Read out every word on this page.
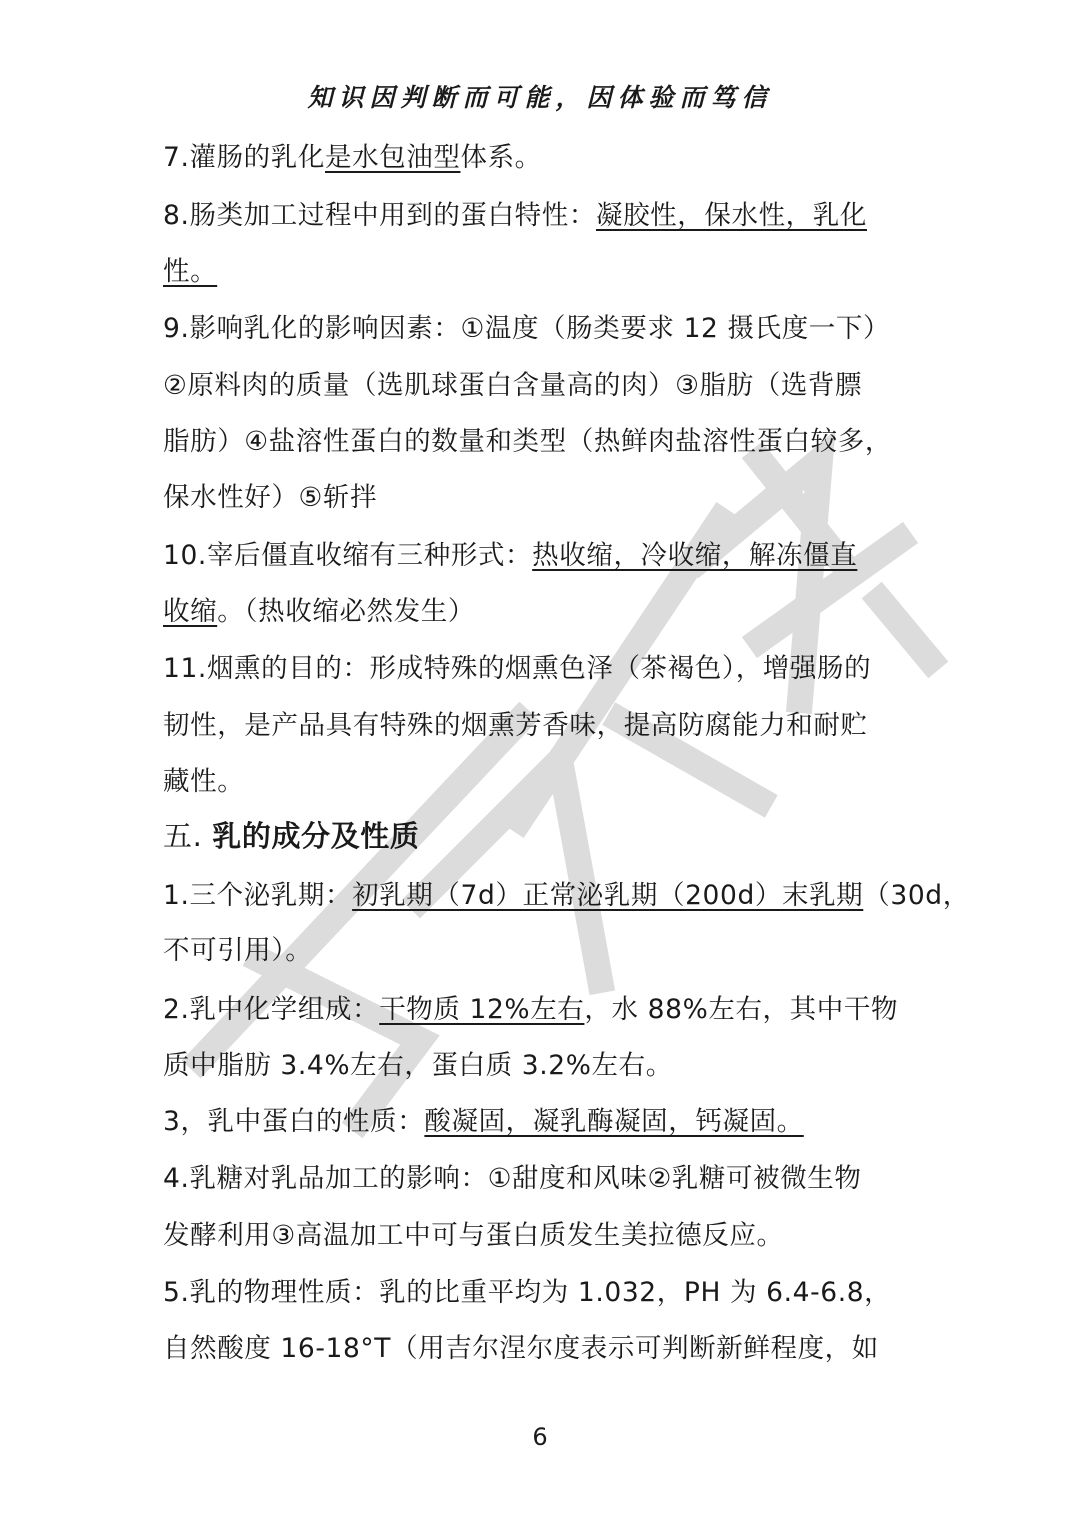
知识因判断而可能，因体验而笃信
7.灌肠的乳化是水包油型体系。
8.肠类加工过程中用到的蛋白特性：凝胶性，保水性，乳化
性。
9.影响乳化的影响因素：①温度（肠类要求 12 摄氏度一下）
②原料肉的质量（选肌球蛋白含量高的肉）③脂肪（选背膘
脂肪）④盐溶性蛋白的数量和类型（热鲜肉盐溶性蛋白较多，
保水性好）⑤斩拌
10.宰后僵直收缩有三种形式：热收缩，冷收缩，解冻僵直
收缩。（热收缩必然发生）
11.烟熏的目的：形成特殊的烟熏色泽（茶褐色），增强肠的
韧性，是产品具有特殊的烟熏芳香味，提高防腐能力和耐贮
藏性。
五. 乳的成分及性质
1.三个泌乳期：初乳期（7d）正常泌乳期（200d）末乳期（30d，
不可引用）。
2.乳中化学组成：干物质 12%左右，水 88%左右，其中干物
质中脂肪 3.4%左右，蛋白质 3.2%左右。
3，乳中蛋白的性质：酸凝固，凝乳酶凝固，钙凝固。
4.乳糖对乳品加工的影响：①甜度和风味②乳糖可被微生物
发酵利用③高温加工中可与蛋白质发生美拉德反应。
5.乳的物理性质：乳的比重平均为 1.032，PH 为 6.4-6.8，
自然酸度 16-18°T（用吉尔涅尔度表示可判断新鲜程度，如
6
